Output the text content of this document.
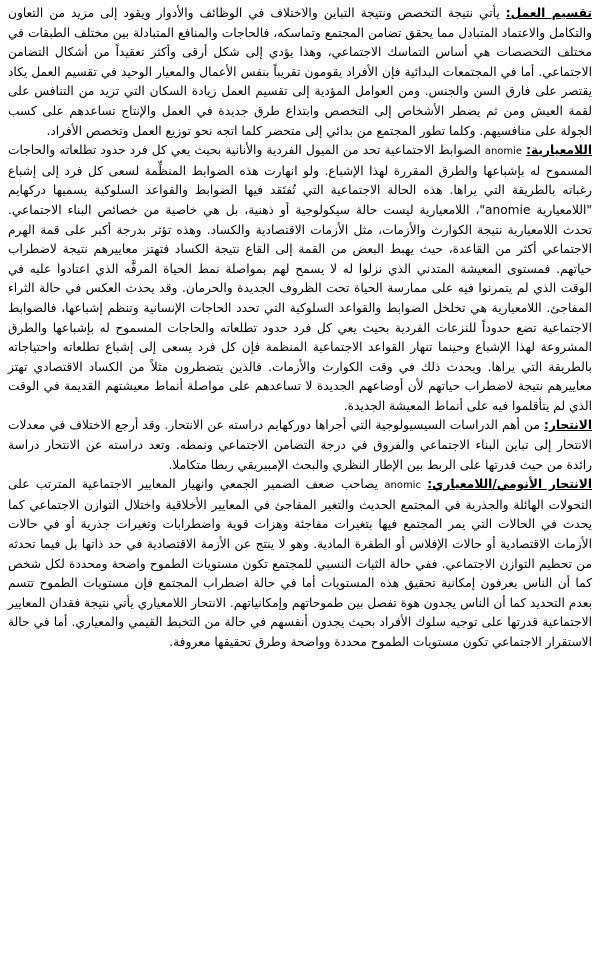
تقسيم العمل: يأتي نتيجة التخصص ونتيجة التباين والاختلاف في الوظائف والأدوار ويقود إلى مزيد من التعاون والتكامل والاعتماد المتبادل مما يحقق تضامن المجتمع وتماسكه، فالحاجات والمنافع المتبادلة بين مختلف الطبقات في مختلف التخصصات هي أساس التماسك الاجتماعي، وهذا يؤدي إلى شكل أرقى وأكثر تعقيداً من أشكال التضامن الاجتماعي. أما في المجتمعات البدائية فإن الأفراد يقومون تقريباً بنفس الأعمال والمعيار الوحيد في تقسيم العمل يكاد يقتصر على فارق السن والجنس. ومن العوامل المؤدية إلى تقسيم العمل زيادة السكان التي تزيد من التنافس على لقمة العيش ومن ثم يضطر الأشخاص إلى التخصص وابتداع طرق جديدة في العمل والإنتاج تساعدهم على كسب الجولة على منافسيهم. وكلما تطور المجتمع من بدائي إلى متحضر كلما اتجه نحو توزيع العمل وتخصص الأفراد.

اللامعيارية: anomie الضوابط الاجتماعية تحد من الميول الفردية والأنانية بحيث يعي كل فرد حدود تطلعاته والحاجات المسموح له بإشباعها والطرق المقررة لهذا الإشباع. ولو انهارت هذه الضوابط المنظِّمة لسعى كل فرد إلى إشباع رغباته بالطريقة التي يراها. هذه الحالة الاجتماعية التي تُفتَقد فيها الضوابط والقواعد السلوكية يسميها دركهايم "اللامعيارية anomie"، اللامعيارية ليست حالة سيكولوجية أو ذهنية، بل هي خاصية من خصائص البناء الاجتماعي. تحدث اللامعيارية نتيجة الكوارث والأزمات، مثل الأزمات الاقتصادية والكساد. وهذه تؤثر بدرجة أكبر على قمة الهرم الاجتماعي أكثر من القاعدة، حيث يهبط البعض من القمة إلى القاع نتيجة الكساد فتهتز معاييرهم نتيجة لاضطراب حياتهم. فمستوى المعيشة المتدني الذي نزلوا له لا يسمح لهم بمواصلة نمط الحياة المرفَّه الذي اعتادوا عليه في الوقت الذي لم يتمرنوا فيه على ممارسة الحياة تحت الظروف الجديدة والحرمان. وقد يحدث العكس في حالة الثراء المفاجئ. اللامعيارية هي تخلخل الضوابط والقواعد السلوكية التي تحدد الحاجات الإنسانية وتنظم إشباعها، فالضوابط الاجتماعية تضع حدوداً للنزعات الفردية بحيث يعي كل فرد حدود تطلعاته والحاجات المسموح له بإشباعها والطرق المشروعة لهذا الإشباع وحينما تنهار القواعد الاجتماعية المنظمة فإن كل فرد يسعى إلى إشباع تطلعاته واحتياجاته بالطريقة التي يراها. ويحدث ذلك في وقت الكوارث والأزمات. فالذين يتضطرون مثلاً من الكساد الاقتصادي تهتز معاييرهم نتيجة لاضطراب حياتهم لأن أوضاعهم الجديدة لا تساعدهم على مواصلة أنماط معيشتهم القديمة في الوقت الذي لم يتأقلموا فيه على أنماط المعيشة الجديدة.

الانتحار: من أهم الدراسات السيسيولوجية التي أجراها دوركهايم دراسته عن الانتحار. وقد أرجع الاختلاف في معدلات الانتحار إلى تباين البناء الاجتماعي والفروق في درجة التضامن الاجتماعي ونمطه. وتعد دراسته عن الانتحار دراسة رائدة من حيث قدرتها على الربط بين الإطار النظري والبحث الإمبيريقي ربطا متكاملا.

الانتحار الأنومي/اللامعياري: anomic يصاحب ضعف الضمير الجمعي وانهيار المعايير الاجتماعية المترتب على التحولات الهائلة والجذرية في المجتمع الحديث والتغير المفاجئ في المعايير الأخلاقية واختلال التوازن الاجتماعي كما يحدث في الحالات التي يمر المجتمع فيها بتغيرات مفاجئة وهزات قوية واضطرابات وتغيرات جذرية أو في حالات الأزمات الاقتصادية أو حالات الإفلاس أو الطفرة المادية. وهو لا ينتج عن الأزمة الاقتصادية في حد ذاتها بل فيما تحدثه من تحطيم التوازن الاجتماعي. ففي حالة الثبات النسبي للمجتمع تكون مستويات الطموح واضحة ومحددة لكل شخص كما أن الناس يعرفون إمكانية تحقيق هذه المستويات أما في حالة اضطراب المجتمع فإن مستويات الطموح تتسم بعدم التحديد كما أن الناس يجدون هوة تفصل بين طموحاتهم وإمكانياتهم. الانتحار اللامعياري يأتي نتيجة فقدان المعايير الاجتماعية قدرتها على توجيه سلوك الأفراد بحيث يجدون أنفسهم في حالة من التخبط القيمي والمعياري. أما في حالة الاستقرار الاجتماعي تكون مستويات الطموح محددة وواضحة وطرق تحقيقها معروفة.
